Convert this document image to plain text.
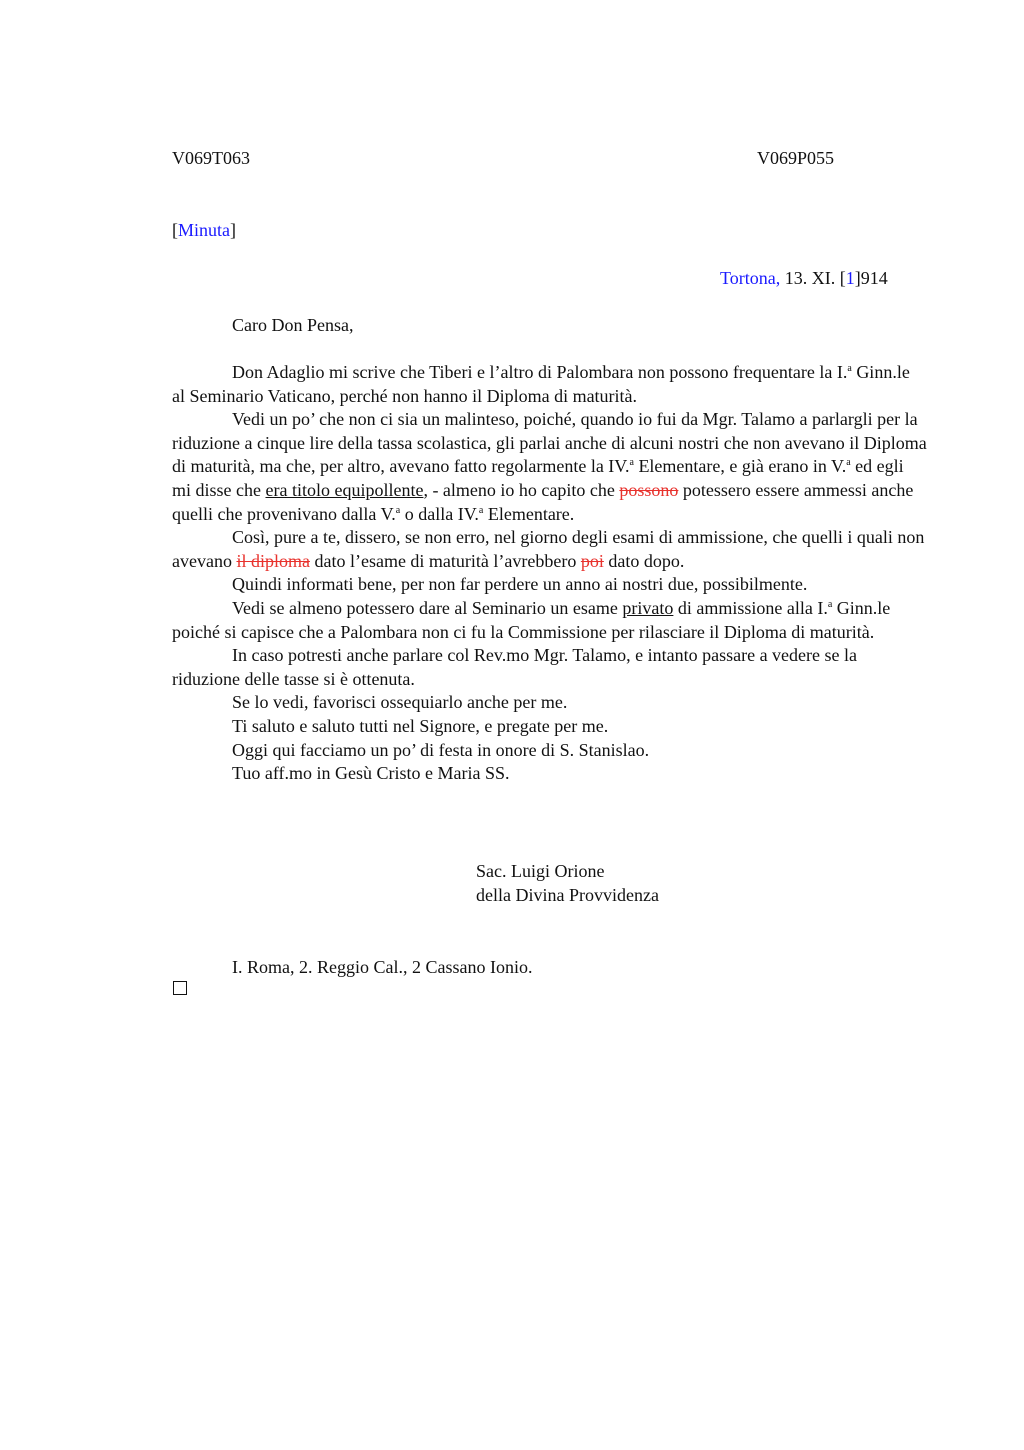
V069T063	V069P055
[Minuta]
Tortona, 13. XI. [1]914
Caro Don Pensa,

Don Adaglio mi scrive che Tiberi e l’altro di Palombara non possono frequentare la I.$^a$ Ginn.le al Seminario Vaticano, perché non hanno il Diploma di maturità.

Vedi un po’ che non ci sia un malinteso, poiché, quando io fui da Mgr. Talamo a parlargli per la riduzione a cinque lire della tassa scolastica, gli parlai anche di alcuni nostri che non avevano il Diploma di maturità, ma che, per altro, avevano fatto regolarmente la IV.$^a$ Elementare, e già erano in V.$^a$ ed egli mi disse che era titolo equipollente, - almeno io ho capito che possono potessero essere ammessi anche quelli che provenivano dalla V.$^a$ o dalla IV.$^a$ Elementare.

Così, pure a te, dissero, se non erro, nel giorno degli esami di ammissione, che quelli i quali non avevano il diploma dato l’esame di maturità l’avrebbero poi dato dopo.

Quindi informati bene, per non far perdere un anno ai nostri due, possibilmente.

Vedi se almeno potessero dare al Seminario un esame privato di ammissione alla I.$^a$ Ginn.le poiché si capisce che a Palombara non ci fu la Commissione per rilasciare il Diploma di maturità.

In caso potresti anche parlare col Rev.mo Mgr. Talamo, e intanto passare a vedere se la riduzione delle tasse si è ottenuta.

Se lo vedi, favorisci ossequiarlo anche per me.

Ti saluto e saluto tutti nel Signore, e pregate per me.

Oggi qui facciamo un po’ di festa in onore di S. Stanislao.

Tuo aff.mo in Gesù Cristo e Maria SS.

Sac. Luigi Orione
della Divina Provvidenza
I. Roma, 2. Reggio Cal., 2 Cassano Ionio.
